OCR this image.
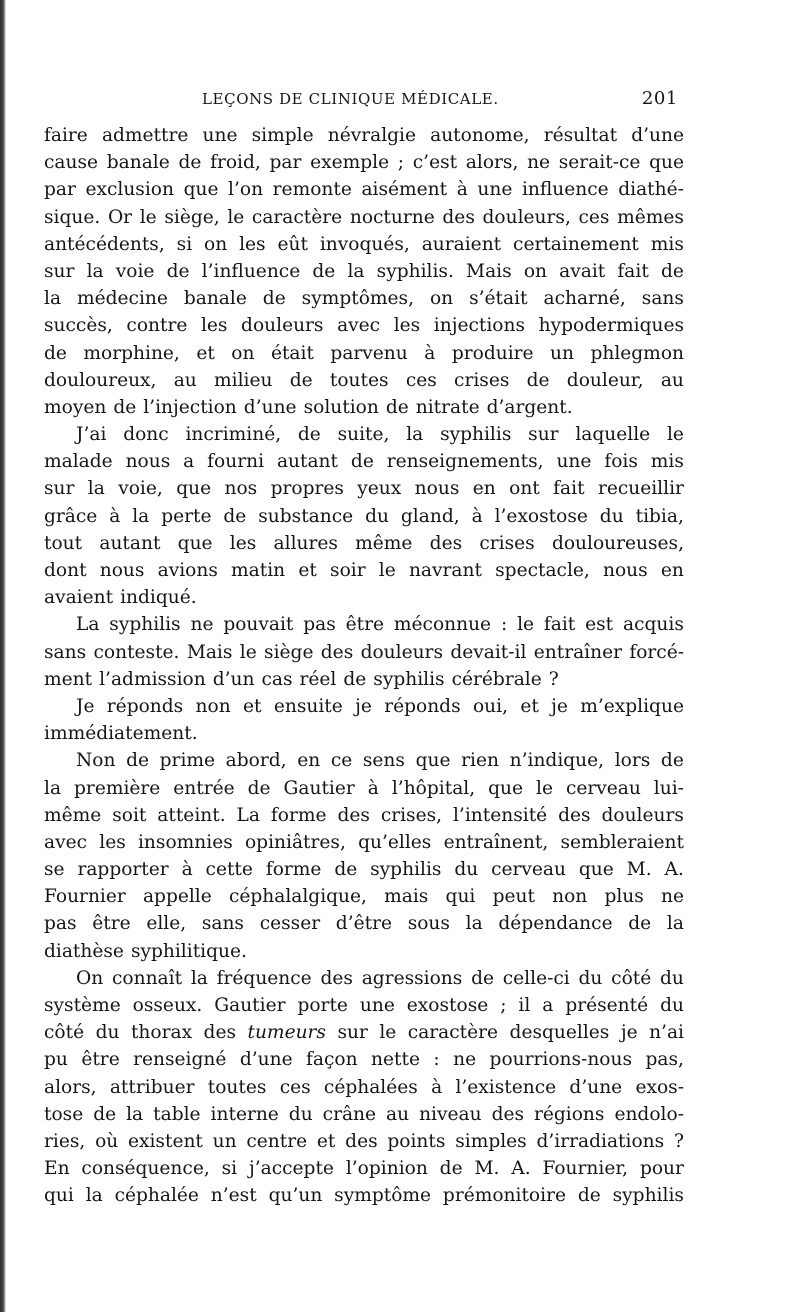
LEÇONS DE CLINIQUE MÉDICALE.	201
faire admettre une simple névralgie autonome, résultat d’une
cause banale de froid, par exemple ; c’est alors, ne serait-ce que
par exclusion que l’on remonte aisément à une influence diathé-
sique. Or le siège, le caractère nocturne des douleurs, ces mêmes
antécédents, si on les eût invoqués, auraient certainement mis
sur la voie de l’influence de la syphilis. Mais on avait fait de
la médecine banale de symptômes, on s’était acharné, sans
succès, contre les douleurs avec les injections hypodermiques
de morphine, et on était parvenu à produire un phlegmon
douloureux, au milieu de toutes ces crises de douleur, au
moyen de l’injection d’une solution de nitrate d’argent.
J’ai donc incriminé, de suite, la syphilis sur laquelle le
malade nous a fourni autant de renseignements, une fois mis
sur la voie, que nos propres yeux nous en ont fait recueillir
grâce à la perte de substance du gland, à l’exostose du tibia,
tout autant que les allures même des crises douloureuses,
dont nous avions matin et soir le navrant spectacle, nous en
avaient indiqué.
La syphilis ne pouvait pas être méconnue : le fait est acquis
sans conteste. Mais le siège des douleurs devait-il entraîner forcé-
ment l’admission d’un cas réel de syphilis cérébrale ?
Je réponds non et ensuite je réponds oui, et je m’explique
immédiatement.
Non de prime abord, en ce sens que rien n’indique, lors de
la première entrée de Gautier à l’hôpital, que le cerveau lui-
même soit atteint. La forme des crises, l’intensité des douleurs
avec les insomnies opiniâtres, qu’elles entraînent, sembleraient
se rapporter à cette forme de syphilis du cerveau que M. A.
Fournier appelle céphalalgique, mais qui peut non plus ne
pas être elle, sans cesser d’être sous la dépendance de la
diathèse syphilitique.
On connaît la fréquence des agressions de celle-ci du côté du
système osseux. Gautier porte une exostose ; il a présenté du
côté du thorax des tumeurs sur le caractère desquelles je n’ai
pu être renseigné d’une façon nette : ne pourrions-nous pas,
alors, attribuer toutes ces céphalées à l’existence d’une exos-
tose de la table interne du crâne au niveau des régions endolo-
ries, où existent un centre et des points simples d’irradiations ?
En conséquence, si j’accepte l’opinion de M. A. Fournier, pour
qui la céphalée n’est qu’un symptôme prémonitoire de syphilis
